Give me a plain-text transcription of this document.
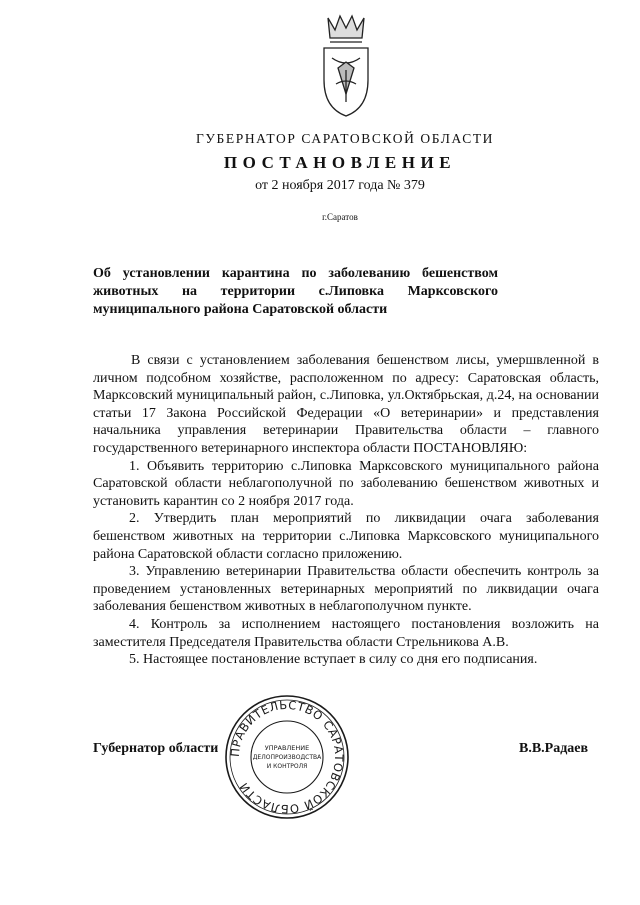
ГУБЕРНАТОР САРАТОВСКОЙ ОБЛАСТИ
ПОСТАНОВЛЕНИЕ
от 2 ноября 2017 года № 379
г.Саратов
Об установлении карантина по заболеванию бешенством
животных на территории с.Липовка Марксовского
муниципального района Саратовской области

В связи с установлением заболевания бешенством лисы, умершвленной в личном подсобном хозяйстве, расположенном по адресу: Саратовская область, Марксовский муниципальный район, с.Липовка, ул.Октябрьская, д.24, на основании статьи 17 Закона Российской Федерации «О ветеринарии» и представления начальника управления ветеринарии Правительства области – главного государственного ветеринарного инспектора области ПОСТАНОВЛЯЮ:

1. Объявить территорию с.Липовка Марксовского муниципального района Саратовской области неблагополучной по заболеванию бешенством животных и установить карантин со 2 ноября 2017 года.

2. Утвердить план мероприятий по ликвидации очага заболевания бешенством животных на территории с.Липовка Марксовского муниципального района Саратовской области согласно приложению.

3. Управлению ветеринарии Правительства области обеспечить контроль за проведением установленных ветеринарных мероприятий по ликвидации очага заболевания бешенством животных в неблагополучном пункте.

4. Контроль за исполнением настоящего постановления возложить на заместителя Председателя Правительства области Стрельникова А.В.

5. Настоящее постановление вступает в силу со дня его подписания.

Губернатор области ПРАВИТЕЛЬСТВО САРАТОВСКОЙ ОБЛАСТИ
УПРАВЛЕНИЕ
ДЕЛОПРОИЗВОДСТВА
И КОНТРОЛЯ
В.В.Радаев
